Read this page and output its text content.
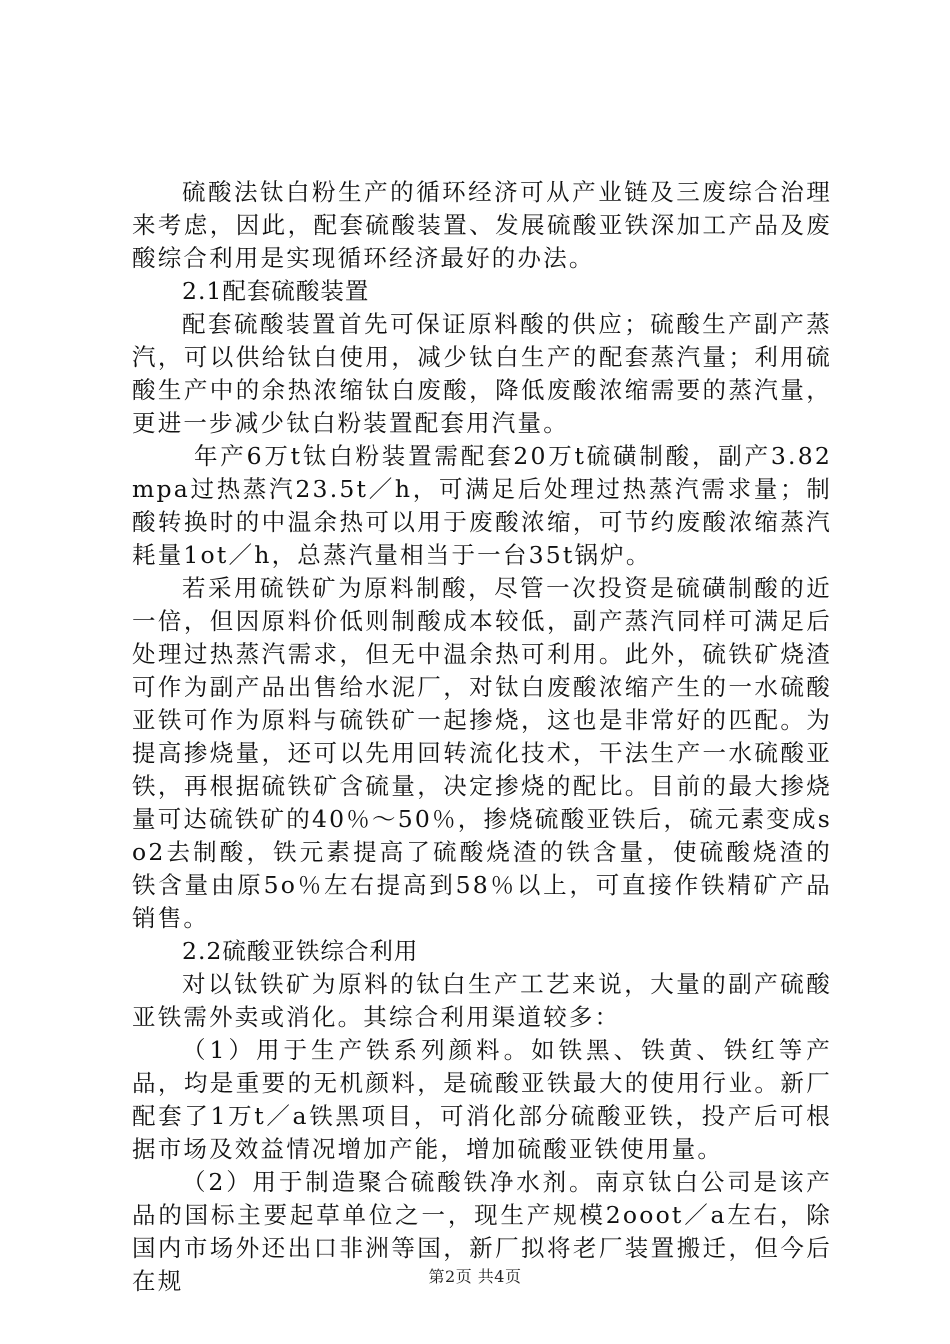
硫酸法钛白粉生产的循环经济可从产业链及三废综合治理来考虑，因此，配套硫酸装置、发展硫酸亚铁深加工产品及废酸综合利用是实现循环经济最好的办法。

2.1配套硫酸装置

配套硫酸装置首先可保证原料酸的供应；硫酸生产副产蒸汽，可以供给钛白使用，减少钛白生产的配套蒸汽量；利用硫酸生产中的余热浓缩钛白废酸，降低废酸浓缩需要的蒸汽量，更进一步减少钛白粉装置配套用汽量。

年产6万t钛白粉装置需配套20万t硫磺制酸，副产3.82mpa过热蒸汽23.5t／h，可满足后处理过热蒸汽需求量；制酸转换时的中温余热可以用于废酸浓缩，可节约废酸浓缩蒸汽耗量1ot／h，总蒸汽量相当于一台35t锅炉。

若采用硫铁矿为原料制酸，尽管一次投资是硫磺制酸的近一倍，但因原料价低则制酸成本较低，副产蒸汽同样可满足后处理过热蒸汽需求，但无中温余热可利用。此外，硫铁矿烧渣可作为副产品出售给水泥厂，对钛白废酸浓缩产生的一水硫酸亚铁可作为原料与硫铁矿一起掺烧，这也是非常好的匹配。为提高掺烧量，还可以先用回转流化技术，干法生产一水硫酸亚铁，再根据硫铁矿含硫量，决定掺烧的配比。目前的最大掺烧量可达硫铁矿的40％～50％，掺烧硫酸亚铁后，硫元素变成so2去制酸，铁元素提高了硫酸烧渣的铁含量，使硫酸烧渣的铁含量由原5o％左右提高到58％以上，可直接作铁精矿产品销售。

2.2硫酸亚铁综合利用

对以钛铁矿为原料的钛白生产工艺来说，大量的副产硫酸亚铁需外卖或消化。其综合利用渠道较多：

（1）用于生产铁系列颜料。如铁黑、铁黄、铁红等产品，均是重要的无机颜料，是硫酸亚铁最大的使用行业。新厂配套了1万t／a铁黑项目，可消化部分硫酸亚铁，投产后可根据市场及效益情况增加产能，增加硫酸亚铁使用量。

（2）用于制造聚合硫酸铁净水剂。南京钛白公司是该产品的国标主要起草单位之一，现生产规模2ooot／a左右，除国内市场外还出口非洲等国，新厂拟将老厂装置搬迁，但今后在规	第2页 共4页
